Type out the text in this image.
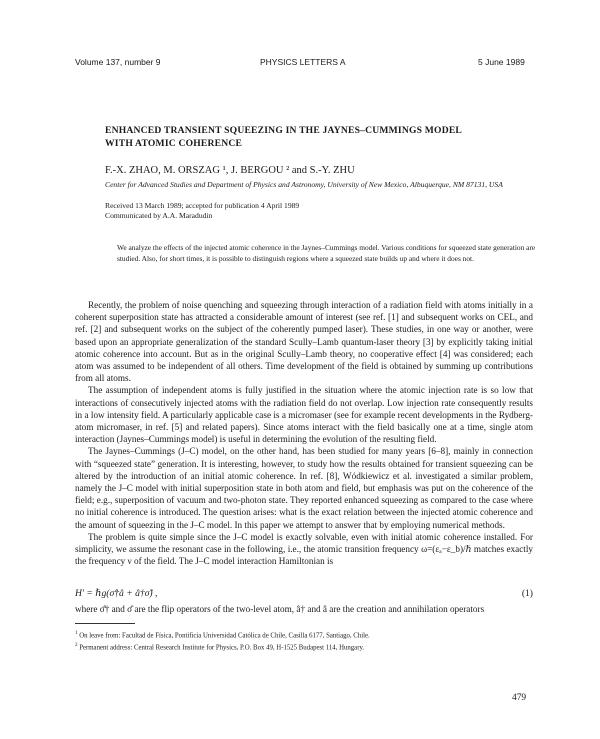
Volume 137, number 9	PHYSICS LETTERS A	5 June 1989
ENHANCED TRANSIENT SQUEEZING IN THE JAYNES–CUMMINGS MODEL
WITH ATOMIC COHERENCE
F.-X. ZHAO, M. ORSZAG ¹, J. BERGOU ² and S.-Y. ZHU
Center for Advanced Studies and Department of Physics and Astronomy, University of New Mexico, Albuquerque, NM 87131, USA
Received 13 March 1989; accepted for publication 4 April 1989
Communicated by A.A. Maradudin
We analyze the effects of the injected atomic coherence in the Jaynes–Cummings model. Various conditions for squeezed state generation are studied. Also, for short times, it is possible to distinguish regions where a squeezed state builds up and where it does not.

Recently, the problem of noise quenching and squeezing through interaction of a radiation field with atoms initially in a coherent superposition state has attracted a considerable amount of interest (see ref. [1] and subsequent works on CEL, and ref. [2] and subsequent works on the subject of the coherently pumped laser). These studies, in one way or another, were based upon an appropriate generalization of the standard Scully–Lamb quantum-laser theory [3] by explicitly taking initial atomic coherence into account. But as in the original Scully–Lamb theory, no cooperative effect [4] was considered; each atom was assumed to be independent of all others. Time development of the field is obtained by summing up contributions from all atoms.

The assumption of independent atoms is fully justified in the situation where the atomic injection rate is so low that interactions of consecutively injected atoms with the radiation field do not overlap. Low injection rate consequently results in a low intensity field. A particularly applicable case is a micromaser (see for example recent developments in the Rydberg-atom micromaser, in ref. [5] and related papers). Since atoms interact with the field basically one at a time, single atom interaction (Jaynes–Cummings model) is useful in determining the evolution of the resulting field.

The Jaynes–Cummings (J–C) model, on the other hand, has been studied for many years [6–8], mainly in connection with “squeezed state” generation. It is interesting, however, to study how the results obtained for transient squeezing can be altered by the introduction of an initial atomic coherence. In ref. [8], Wódkiewicz et al. investigated a similar problem, namely the J–C model with initial superposition state in both atom and field, but emphasis was put on the coherence of the field; e.g., superposition of vacuum and two-photon state. They reported enhanced squeezing as compared to the case where no initial coherence is introduced. The question arises: what is the exact relation between the injected atomic coherence and the amount of squeezing in the J–C model. In this paper we attempt to answer that by employing numerical methods.

The problem is quite simple since the J–C model is exactly solvable, even with initial atomic coherence installed. For simplicity, we assume the resonant case in the following, i.e., the atomic transition frequency ω=(εₐ−ε_b)/ℏ matches exactly the frequency ν of the field. The J–C model interaction Hamiltonian is

H′ = ℏg(σ̂†â + â†σ̂) ,	(1)
where σ̂† and σ̂ are the flip operators of the two-level atom, â† and â are the creation and annihilation operators
$^1$ On leave from: Facultad de Física, Pontificia Universidad Católica de Chile, Casilla 6177, Santiago, Chile.
$^2$ Permanent address: Central Research Institute for Physics, P.O. Box 49, H-1525 Budapest 114, Hungary.
479
